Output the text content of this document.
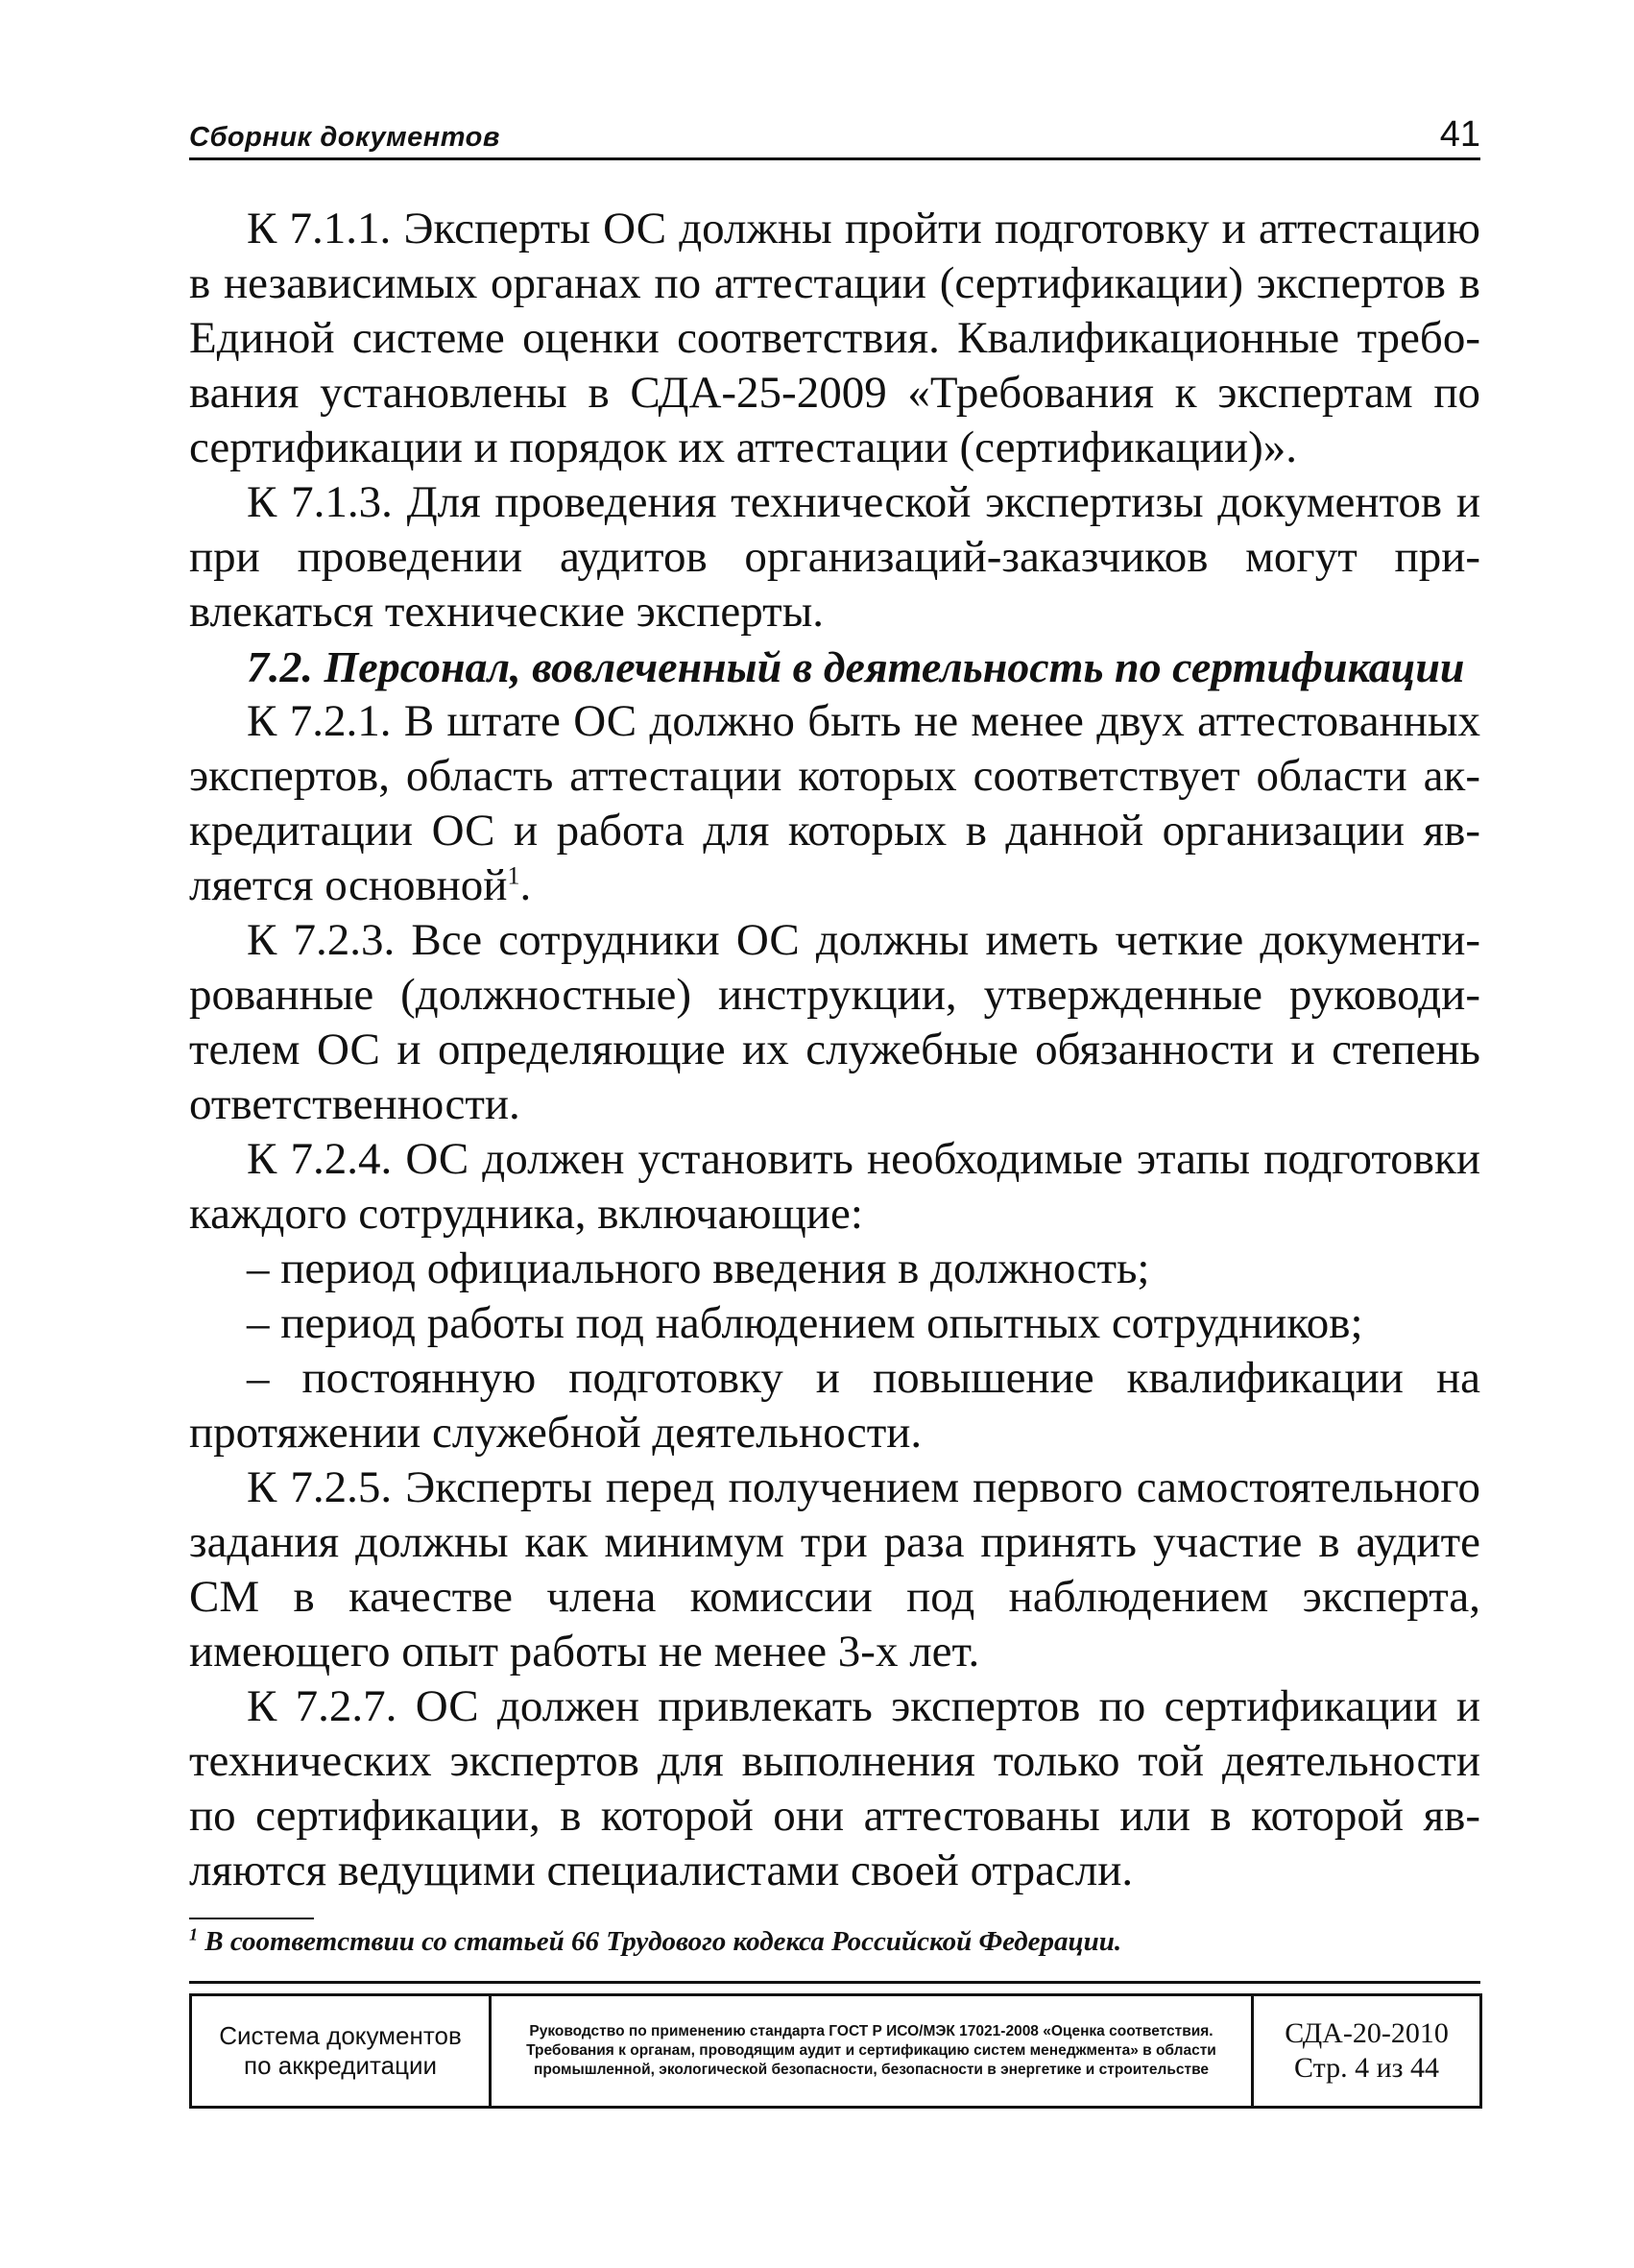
Сборник документов	41

К 7.1.1. Эксперты ОС должны пройти подготовку и аттестацию в независимых органах по аттестации (сертификации) экспертов в Единой системе оценки соответствия. Квалификационные требования установлены в СДА-25-2009 «Требования к экспертам по сертификации и порядок их аттестации (сертификации)».

К 7.1.3. Для проведения технической экспертизы документов и при проведении аудитов организаций-заказчиков могут привлекаться технические эксперты.

7.2. Персонал, вовлеченный в деятельность по сертификации

К 7.2.1. В штате ОС должно быть не менее двух аттестованных экспертов, область аттестации которых соответствует области аккредитации ОС и работа для которых в данной организации является основной$^1$.

К 7.2.3. Все сотрудники ОС должны иметь четкие документированные (должностные) инструкции, утвержденные руководителем ОС и определяющие их служебные обязанности и степень ответственности.

К 7.2.4. ОС должен установить необходимые этапы подготовки каждого сотрудника, включающие:

– период официального введения в должность;

– период работы под наблюдением опытных сотрудников;

– постоянную подготовку и повышение квалификации на протяжении служебной деятельности.

К 7.2.5. Эксперты перед получением первого самостоятельного задания должны как минимум три раза принять участие в аудите СМ в качестве члена комиссии под наблюдением эксперта, имеющего опыт работы не менее 3-х лет.

К 7.2.7. ОС должен привлекать экспертов по сертификации и технических экспертов для выполнения только той деятельности по сертификации, в которой они аттестованы или в которой являются ведущими специалистами своей отрасли.

$^1$ В соответствии со статьей 66 Трудового кодекса Российской Федерации.
Система документов
по аккредитации
Руководство по применению стандарта ГОСТ Р ИСО/МЭК 17021-2008 «Оценка соответствия. Требования к органам, проводящим аудит и сертификацию систем менеджмента» в области промышленной, экологической безопасности, безопасности в энергетике и строительстве
СДА-20-2010
Стр. 4 из 44
